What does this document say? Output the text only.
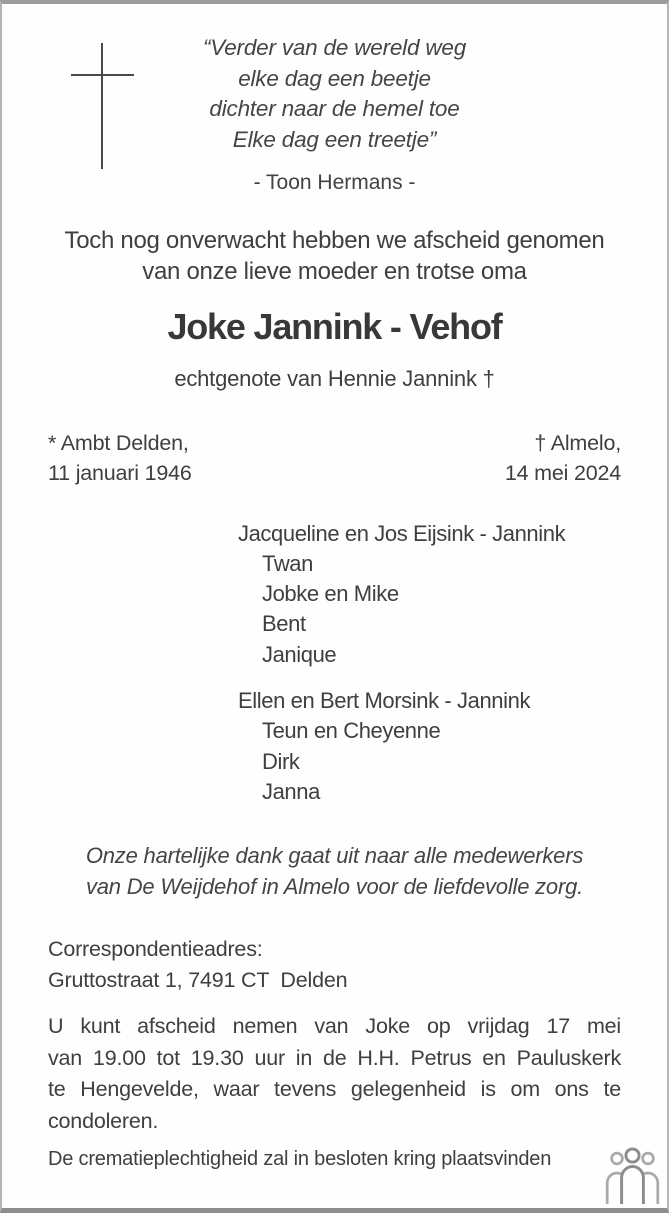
“Verder van de wereld weg
elke dag een beetje
dichter naar de hemel toe
Elke dag een treetje”
- Toon Hermans -
Toch nog onverwacht hebben we afscheid genomen
van onze lieve moeder en trotse oma
Joke Jannink - Vehof
echtgenote van Hennie Jannink †
* Ambt Delden,
11 januari 1946
† Almelo,
14 mei 2024
Jacqueline en Jos Eijsink - Jannink
Twan
Jobke en Mike
Bent
Janique
Ellen en Bert Morsink - Jannink
Teun en Cheyenne
Dirk
Janna
Onze hartelijke dank gaat uit naar alle medewerkers
van De Weijdehof in Almelo voor de liefdevolle zorg.
Correspondentieadres:
Gruttostraat 1, 7491 CT  Delden
U kunt afscheid nemen van Joke op vrijdag 17 mei
van 19.00 tot 19.30 uur in de H.H. Petrus en Pauluskerk
te Hengevelde, waar tevens gelegenheid is om ons te
condoleren.
De crematieplechtigheid zal in besloten kring plaatsvinden
